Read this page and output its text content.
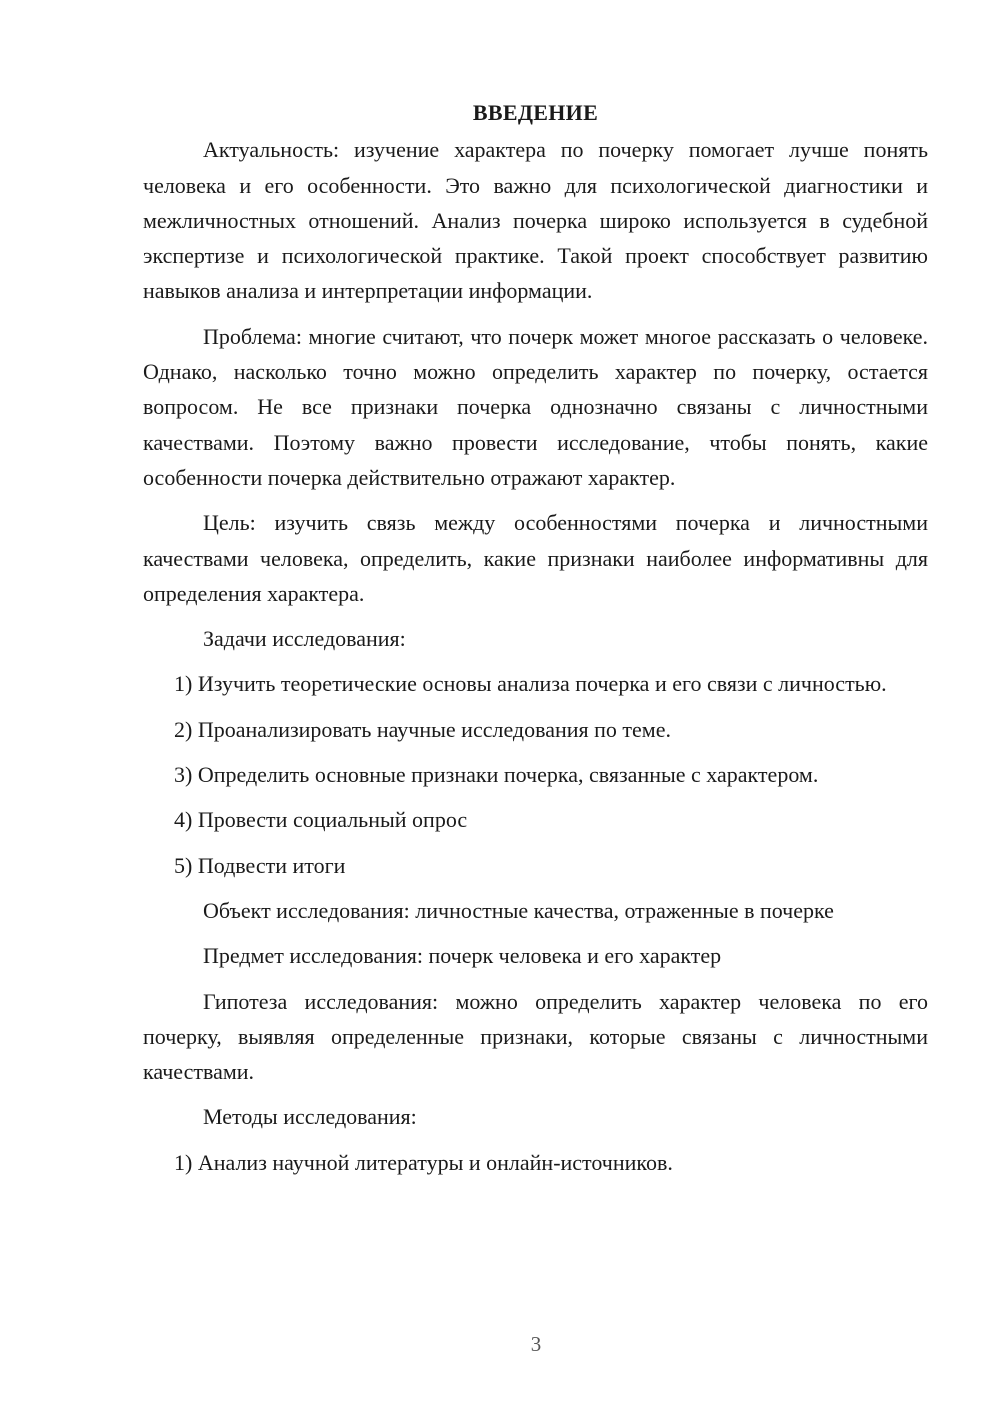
ВВЕДЕНИЕ

Актуальность: изучение характера по почерку помогает лучше понять человека и его особенности. Это важно для психологической диагностики и межличностных отношений. Анализ почерка широко используется в судебной экспертизе и психологической практике. Такой проект способствует развитию навыков анализа и интерпретации информации.

Проблема: многие считают, что почерк может многое рассказать о человеке. Однако, насколько точно можно определить характер по почерку, остается вопросом. Не все признаки почерка однозначно связаны с личностными качествами. Поэтому важно провести исследование, чтобы понять, какие особенности почерка действительно отражают характер.

Цель: изучить связь между особенностями почерка и личностными качествами человека, определить, какие признаки наиболее информативны для определения характера.

Задачи исследования:

1) Изучить теоретические основы анализа почерка и его связи с личностью.

2) Проанализировать научные исследования по теме.

3) Определить основные признаки почерка, связанные с характером.

4) Провести социальный опрос

5) Подвести итоги

Объект исследования: личностные качества, отраженные в почерке

Предмет исследования: почерк человека и его характер

Гипотеза исследования: можно определить характер человека по его почерку, выявляя определенные признаки, которые связаны с личностными качествами.

Методы исследования:

1) Анализ научной литературы и онлайн-источников.

3
